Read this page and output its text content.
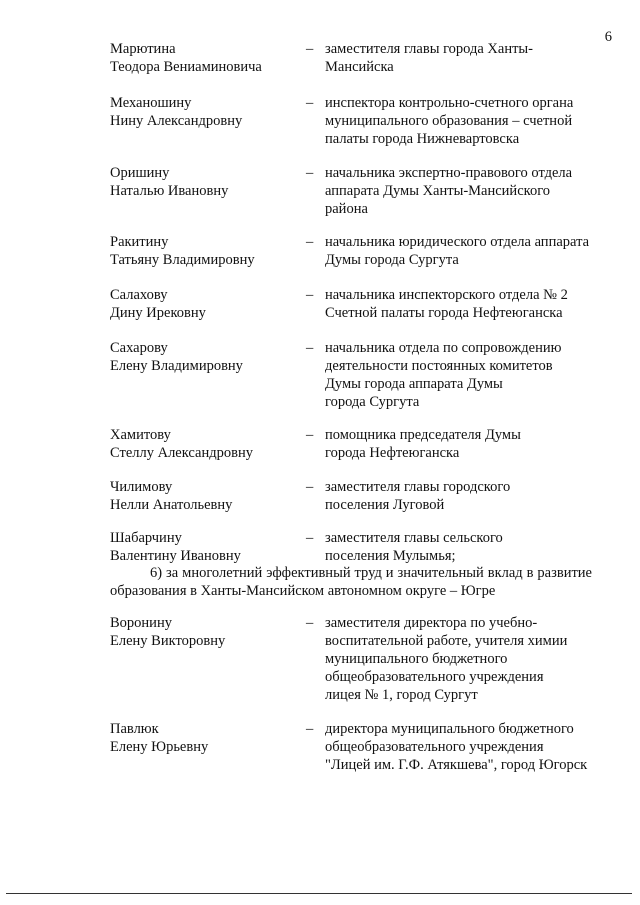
6
Марютина
Теодора Вениаминовича
– заместителя главы города Ханты-
Мансийска
Механошину
Нину Александровну
– инспектора контрольно-счетного органа
муниципального образования – счетной
палаты города Нижневартовска
Оришину
Наталью Ивановну
– начальника экспертно-правового отдела
аппарата Думы Ханты-Мансийского
района
Ракитину
Татьяну Владимировну
– начальника юридического отдела аппарата
Думы города Сургута
Салахову
Дину Ирековну
– начальника инспекторского отдела № 2
Счетной палаты города Нефтеюганска
Сахарову
Елену Владимировну
– начальника отдела по сопровождению
деятельности постоянных комитетов
Думы города аппарата Думы
города Сургута
Хамитову
Стеллу Александровну
– помощника председателя Думы
города Нефтеюганска
Чилимову
Нелли Анатольевну
– заместителя главы городского
поселения Луговой
Шабарчину
Валентину Ивановну
– заместителя главы сельского
поселения Мулымья;
6) за многолетний эффективный труд и значительный вклад в развитие образования в Ханты-Мансийском автономном округе – Югре
Воронину
Елену Викторовну
– заместителя директора по учебно-
воспитательной работе, учителя химии
муниципального бюджетного
общеобразовательного учреждения
лицея № 1, город Сургут
Павлюк
Елену Юрьевну
– директора муниципального бюджетного
общеобразовательного учреждения
"Лицей им. Г.Ф. Атякшева", город Югорск
